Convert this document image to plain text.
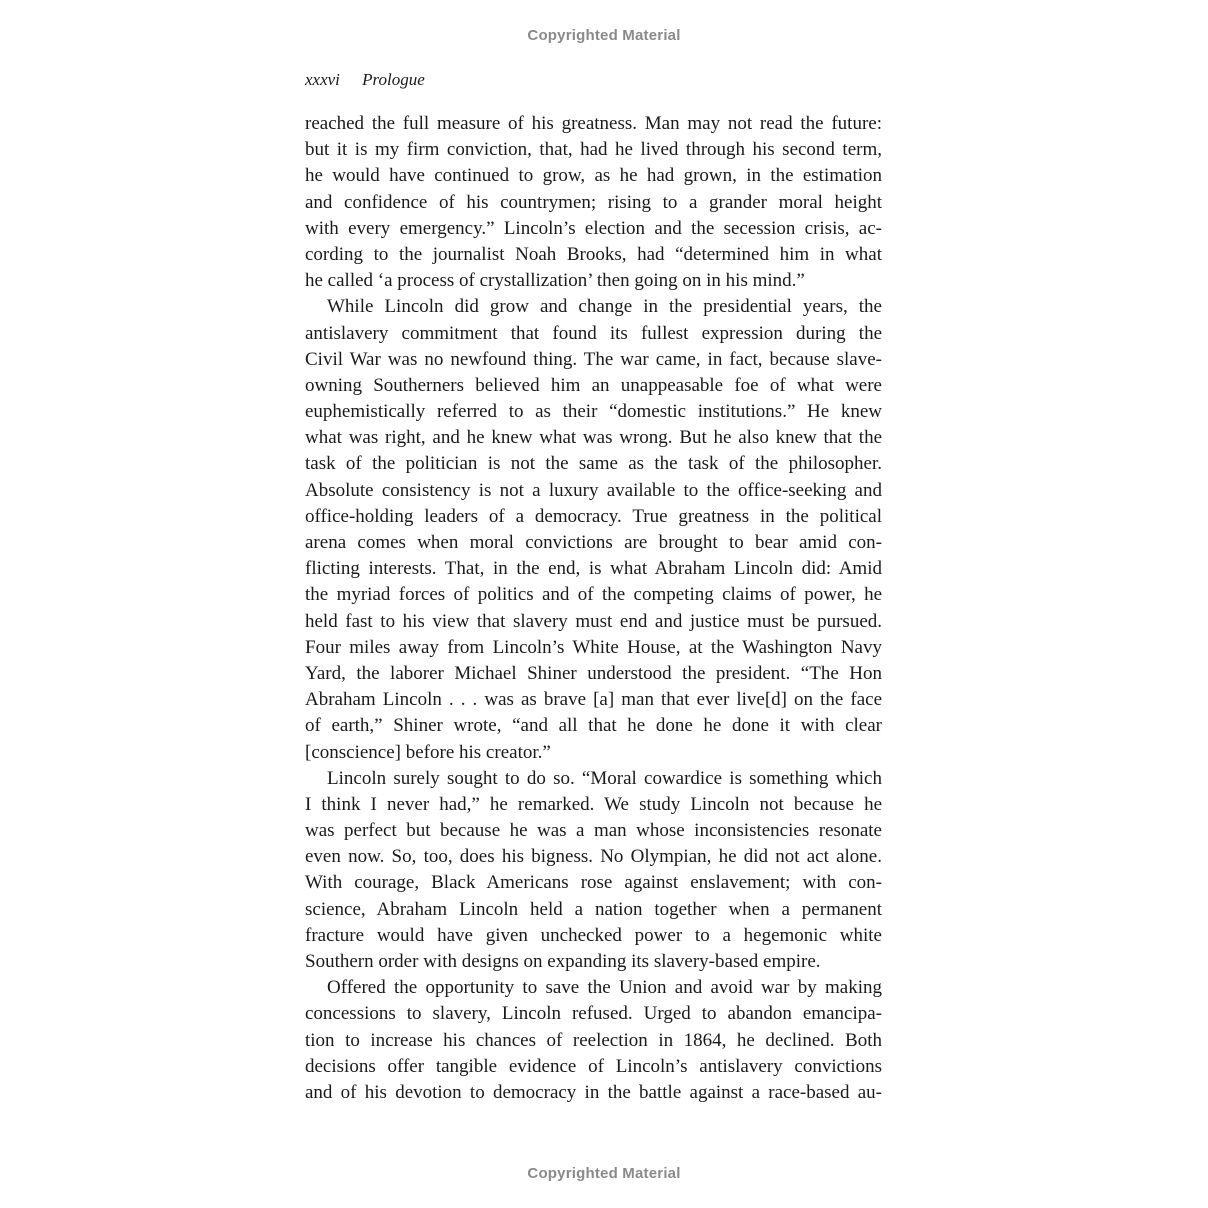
Copyrighted Material
xxxvi Prologue
reached the full measure of his greatness. Man may not read the future:
but it is my firm conviction, that, had he lived through his second term,
he would have continued to grow, as he had grown, in the estimation
and confidence of his countrymen; rising to a grander moral height
with every emergency.” Lincoln’s election and the secession crisis, ac-
cording to the journalist Noah Brooks, had “determined him in what
he called ‘a process of crystallization’ then going on in his mind.”
While Lincoln did grow and change in the presidential years, the
antislavery commitment that found its fullest expression during the
Civil War was no newfound thing. The war came, in fact, because slave-
owning Southerners believed him an unappeasable foe of what were
euphemistically referred to as their “domestic institutions.” He knew
what was right, and he knew what was wrong. But he also knew that the
task of the politician is not the same as the task of the philosopher.
Absolute consistency is not a luxury available to the office-seeking and
office-holding leaders of a democracy. True greatness in the political
arena comes when moral convictions are brought to bear amid con-
flicting interests. That, in the end, is what Abraham Lincoln did: Amid
the myriad forces of politics and of the competing claims of power, he
held fast to his view that slavery must end and justice must be pursued.
Four miles away from Lincoln’s White House, at the Washington Navy
Yard, the laborer Michael Shiner understood the president. “The Hon
Abraham Lincoln . . . was as brave [a] man that ever live[d] on the face
of earth,” Shiner wrote, “and all that he done he done it with clear
[conscience] before his creator.”
Lincoln surely sought to do so. “Moral cowardice is something which
I think I never had,” he remarked. We study Lincoln not because he
was perfect but because he was a man whose inconsistencies resonate
even now. So, too, does his bigness. No Olympian, he did not act alone.
With courage, Black Americans rose against enslavement; with con-
science, Abraham Lincoln held a nation together when a permanent
fracture would have given unchecked power to a hegemonic white
Southern order with designs on expanding its slavery-based empire.
Offered the opportunity to save the Union and avoid war by making
concessions to slavery, Lincoln refused. Urged to abandon emancipa-
tion to increase his chances of reelection in 1864, he declined. Both
decisions offer tangible evidence of Lincoln’s antislavery convictions
and of his devotion to democracy in the battle against a race-based au-
Copyrighted Material
